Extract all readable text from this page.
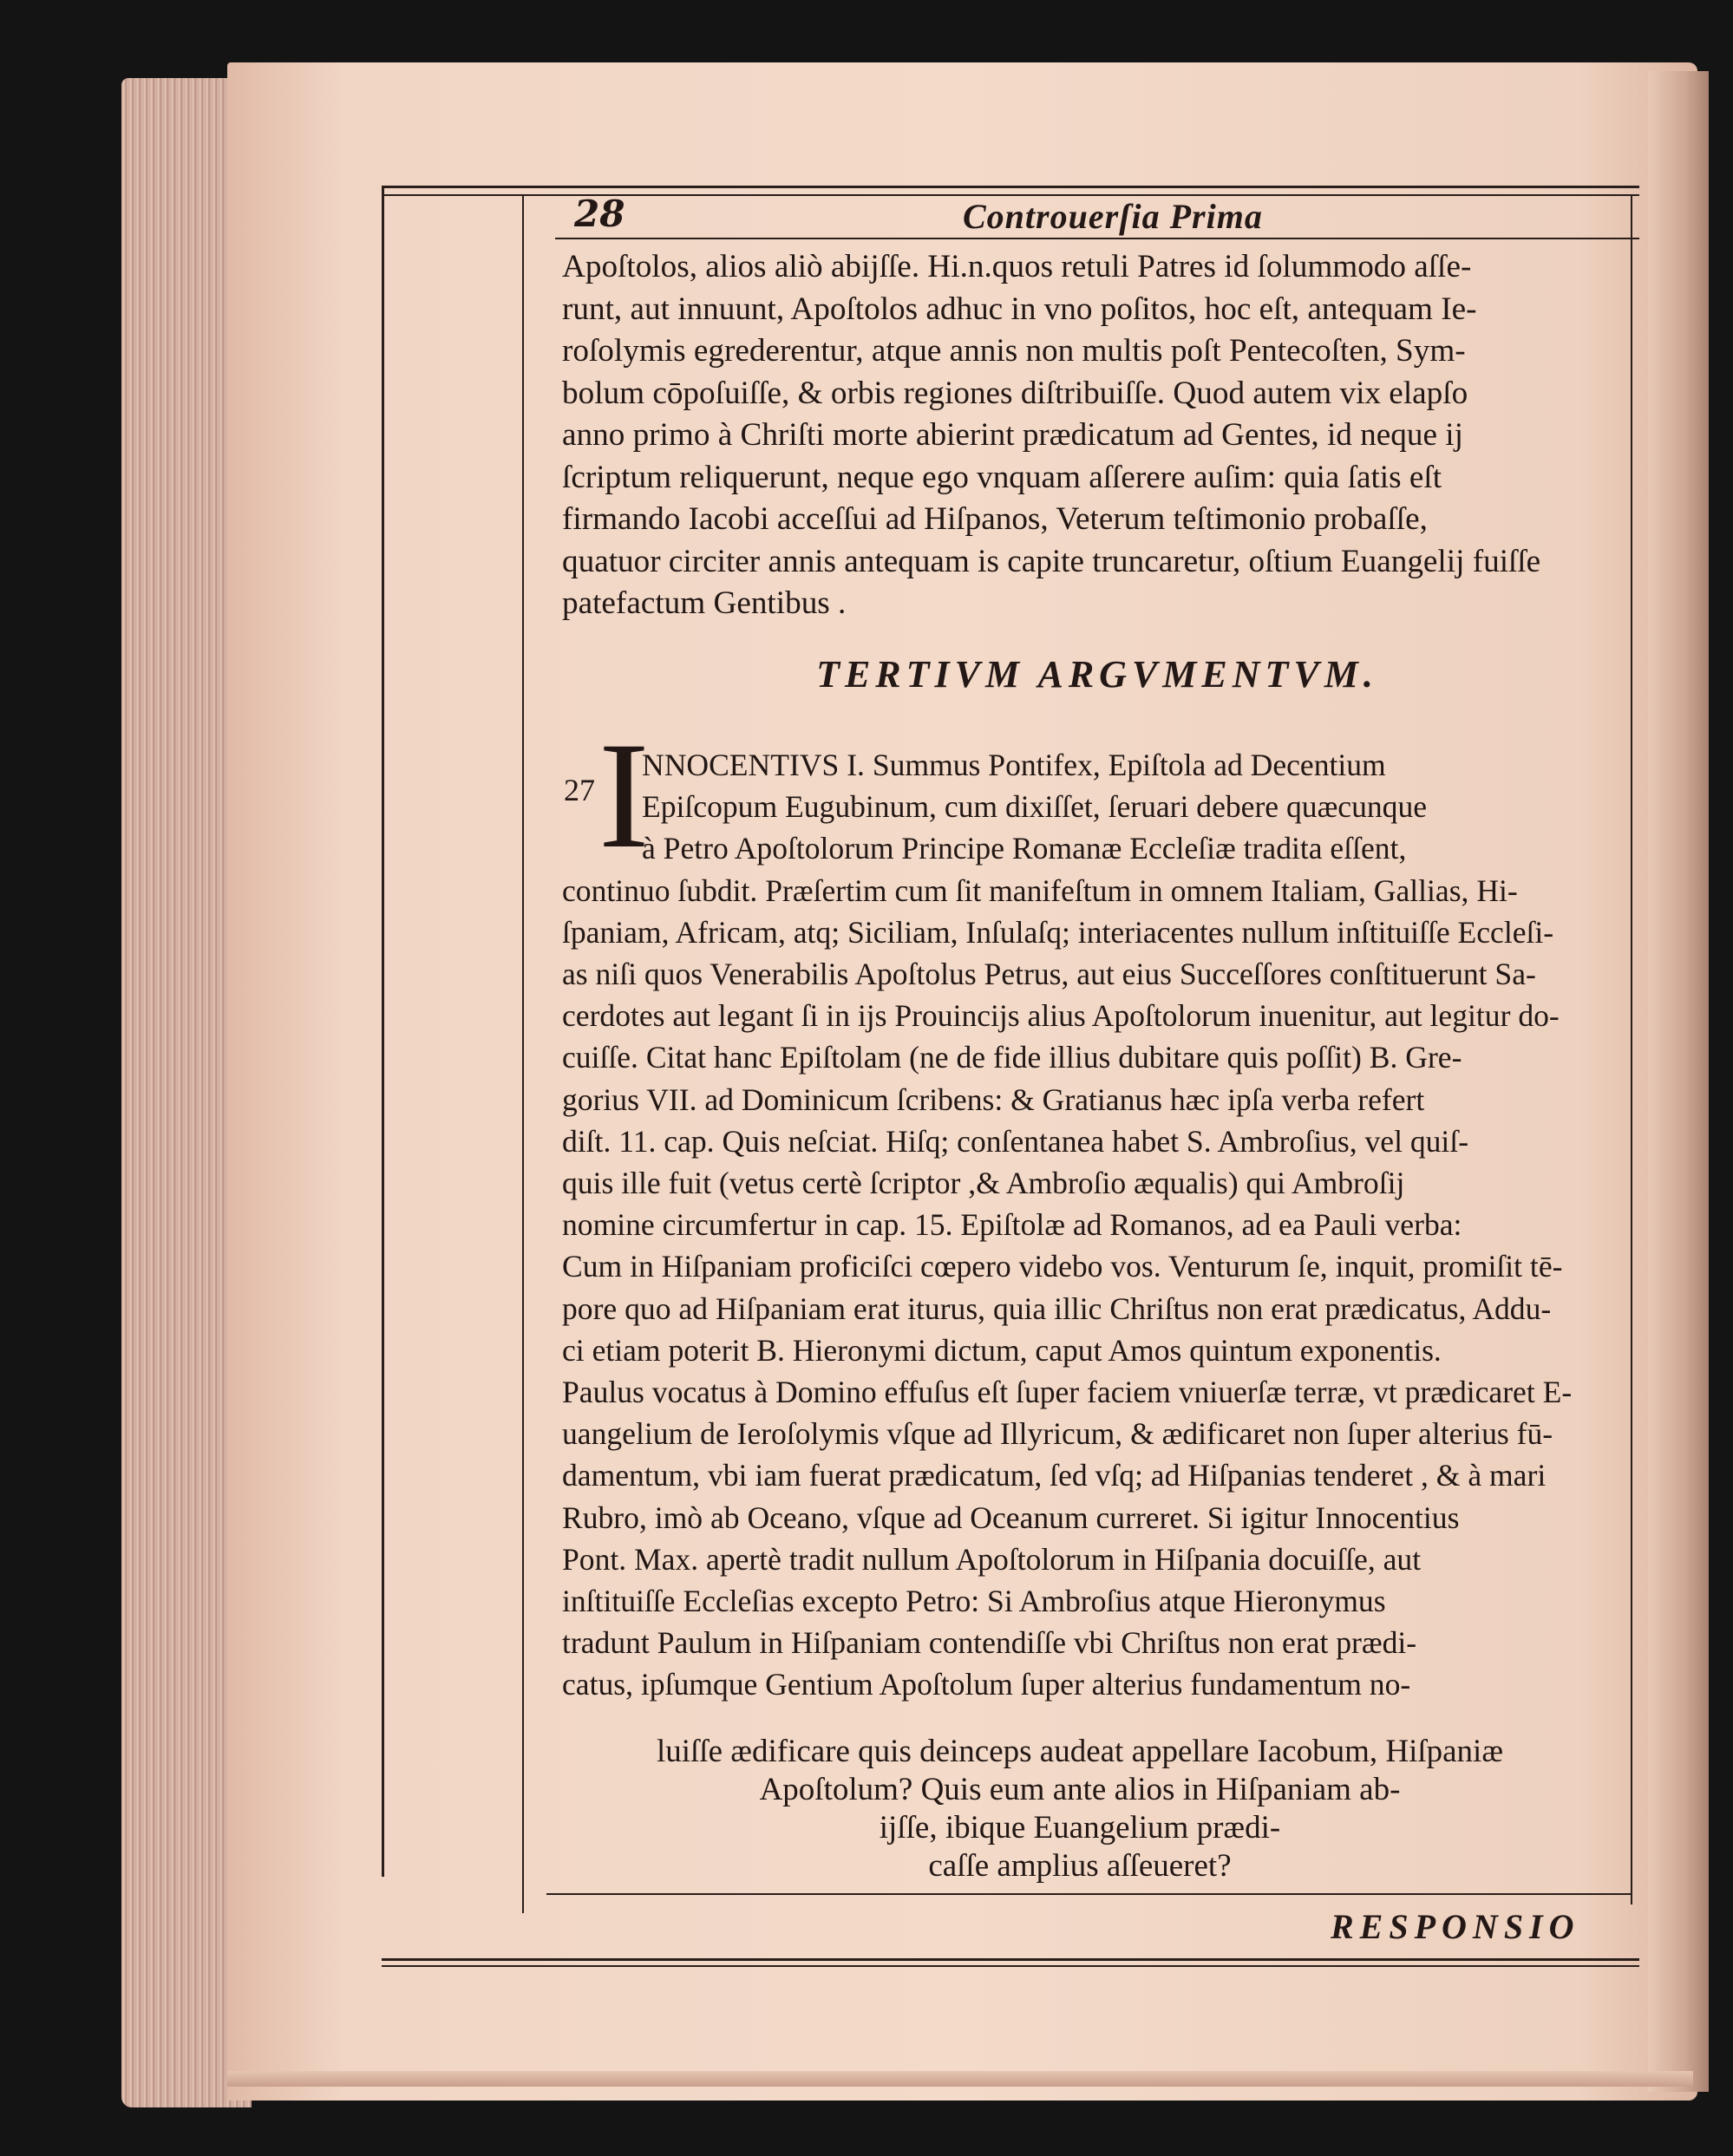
28	Controuerſia Prima
Apoſtolos, alios aliò abijſſe. Hi.n.quos retuli Patres id ſolummodo aſſe-
runt, aut innuunt, Apoſtolos adhuc in vno poſitos, hoc eſt, antequam Ie-
roſolymis egrederentur, atque annis non multis poſt Pentecoſten, Sym-
bolum cōpoſuiſſe, & orbis regiones diſtribuiſſe. Quod autem vix elapſo
anno primo à Chriſti morte abierint prædicatum ad Gentes, id neque ij
ſcriptum reliquerunt, neque ego vnquam aſſerere auſim: quia ſatis eſt
firmando Iacobi acceſſui ad Hiſpanos, Veterum teſtimonio probaſſe,
quatuor circiter annis antequam is capite truncaretur, oſtium Euangelij fuiſſe
patefactum Gentibus .
TERTIVM ARGVMENTVM.
I
27
NNOCENTIVS I. Summus Pontifex, Epiſtola ad Decentium
Epiſcopum Eugubinum, cum dixiſſet, ſeruari debere quæcunque
à Petro Apoſtolorum Principe Romanæ Eccleſiæ tradita eſſent,
continuo ſubdit. Præſertim cum ſit manifeſtum in omnem Italiam, Gallias, Hi-
ſpaniam, Africam, atq; Siciliam, Inſulaſq; interiacentes nullum inſtituiſſe Eccleſi-
as niſi quos Venerabilis Apoſtolus Petrus, aut eius Succeſſores conſtituerunt Sa-
cerdotes aut legant ſi in ijs Prouincijs alius Apoſtolorum inuenitur, aut legitur do-
cuiſſe. Citat hanc Epiſtolam (ne de fide illius dubitare quis poſſit) B. Gre-
gorius VII. ad Dominicum ſcribens: & Gratianus hæc ipſa verba refert
diſt. 11. cap. Quis neſciat. Hiſq; conſentanea habet S. Ambroſius, vel quiſ-
quis ille fuit (vetus certè ſcriptor ,& Ambroſio æqualis) qui Ambroſij
nomine circumfertur in cap. 15. Epiſtolæ ad Romanos, ad ea Pauli verba:
Cum in Hiſpaniam proficiſci cœpero videbo vos. Venturum ſe, inquit, promiſit tē-
pore quo ad Hiſpaniam erat iturus, quia illic Chriſtus non erat prædicatus, Addu-
ci etiam poterit B. Hieronymi dictum, caput Amos quintum exponentis.
Paulus vocatus à Domino effuſus eſt ſuper faciem vniuerſæ terræ, vt prædicaret E-
uangelium de Ieroſolymis vſque ad Illyricum, & ædificaret non ſuper alterius fū-
damentum, vbi iam fuerat prædicatum, ſed vſq; ad Hiſpanias tenderet , & à mari
Rubro, imò ab Oceano, vſque ad Oceanum curreret. Si igitur Innocentius
Pont. Max. apertè tradit nullum Apoſtolorum in Hiſpania docuiſſe, aut
inſtituiſſe Eccleſias excepto Petro: Si Ambroſius atque Hieronymus
tradunt Paulum in Hiſpaniam contendiſſe vbi Chriſtus non erat prædi-
catus, ipſumque Gentium Apoſtolum ſuper alterius fundamentum no-
luiſſe ædificare quis deinceps audeat appellare Iacobum, Hiſpaniæ
Apoſtolum? Quis eum ante alios in Hiſpaniam ab-
ijſſe, ibique Euangelium prædi-
caſſe amplius aſſeueret?
RESPONSIO
